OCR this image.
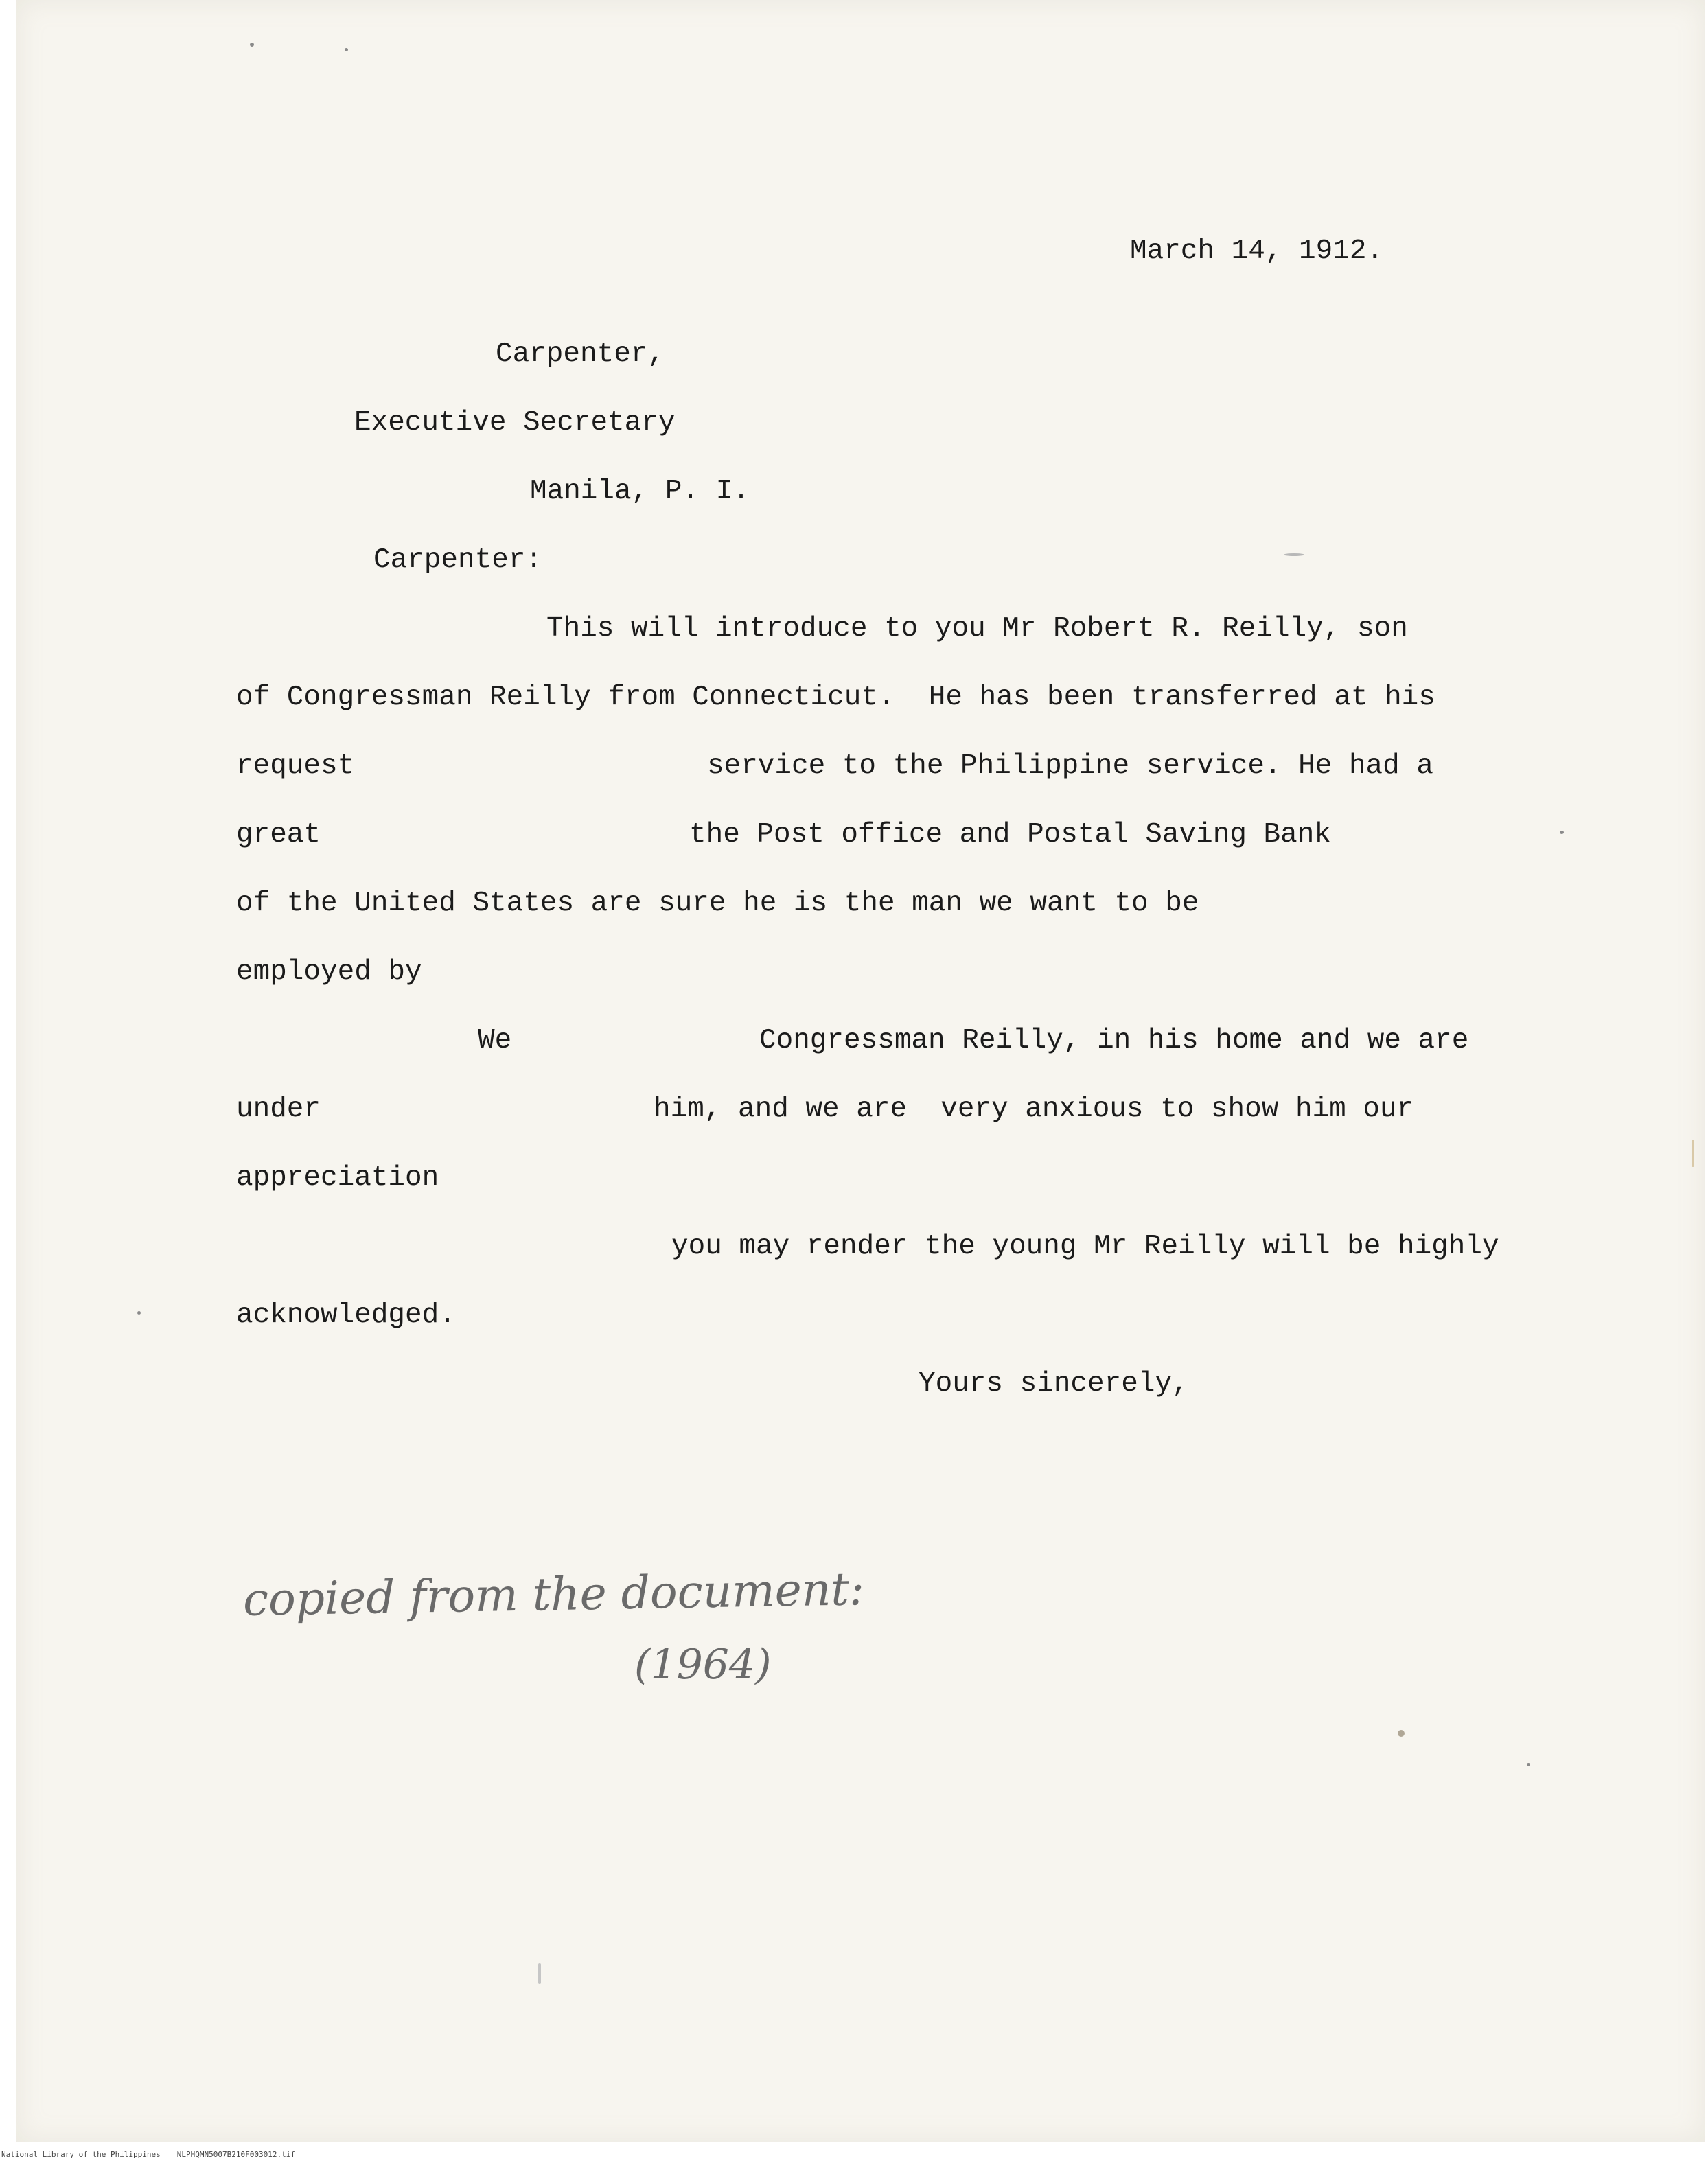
March 14, 1912.
Carpenter,
Executive Secretary
Manila, P. I.
Carpenter:
This will introduce to you Mr Robert R. Reilly, son
of Congressman Reilly from Connecticut.  He has been transferred at his
request	service to the Philippine service. He had a
great	the Post office and Postal Saving Bank
of the United States are sure he is the man we want to be
employed by
We	Congressman Reilly, in his home and we are
under	him, and we are  very anxious to show him our
appreciation
you may render the young Mr Reilly will be highly
acknowledged.
Yours sincerely,
copied from the document:
(1964)
National Library of the Philippines NLPHQMN5007B210F003012.tif
